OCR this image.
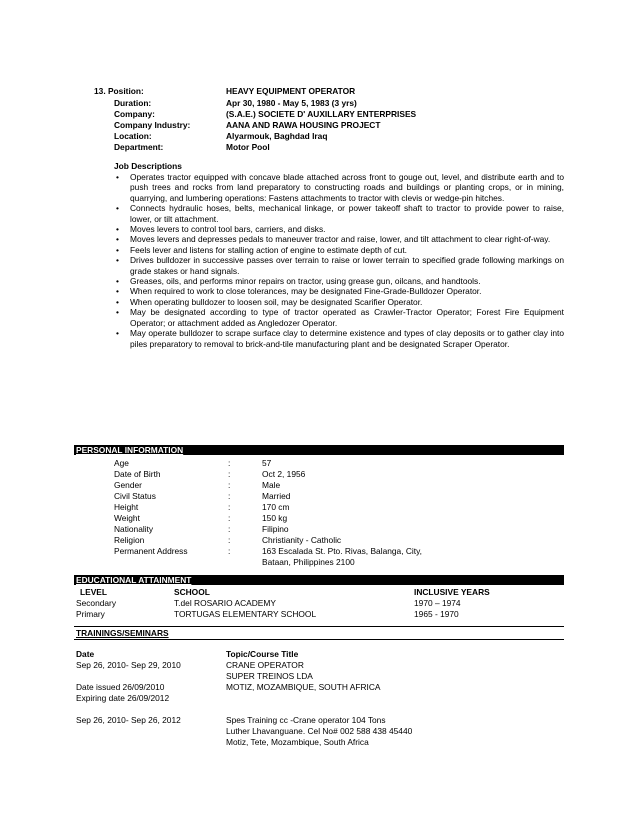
13. Position:	HEAVY EQUIPMENT OPERATOR
Duration:	Apr 30, 1980 - May 5, 1983 (3 yrs)
Company:	(S.A.E.) SOCIETE D' AUXILLARY ENTERPRISES
Company Industry:	AANA AND RAWA HOUSING PROJECT
Location:	Alyarmouk, Baghdad Iraq
Department:	Motor Pool
Job Descriptions

• Operates tractor equipped with concave blade attached across front to gouge out, level, and distribute earth and to push trees and rocks from land preparatory to constructing roads and buildings or planting crops, or in mining, quarrying, and lumbering operations: Fastens attachments to tractor with clevis or wedge-pin hitches.

• Connects hydraulic hoses, belts, mechanical linkage, or power takeoff shaft to tractor to provide power to raise, lower, or tilt attachment.

• Moves levers to control tool bars, carriers, and disks.

• Moves levers and depresses pedals to maneuver tractor and raise, lower, and tilt attachment to clear right-of-way.

• Feels lever and listens for stalling action of engine to estimate depth of cut.

• Drives bulldozer in successive passes over terrain to raise or lower terrain to specified grade following markings on grade stakes or hand signals.

• Greases, oils, and performs minor repairs on tractor, using grease gun, oilcans, and handtools.

• When required to work to close tolerances, may be designated Fine-Grade-Bulldozer Operator.

• When operating bulldozer to loosen soil, may be designated Scarifier Operator.

• May be designated according to type of tractor operated as Crawler-Tractor Operator; Forest Fire Equipment Operator; or attachment added as Angledozer Operator.

• May operate bulldozer to scrape surface clay to determine existence and types of clay deposits or to gather clay into piles preparatory to removal to brick-and-tile manufacturing plant and be designated Scraper Operator.

PERSONAL INFORMATION
Age	:	57
Date of Birth	:	Oct 2, 1956
Gender	:	Male
Civil Status	:	Married
Height	:	170 cm
Weight	:	150 kg
Nationality	:	Filipino
Religion	:	Christianity - Catholic
Permanent Address	:	163 Escalada St. Pto. Rivas, Balanga, City,
Bataan, Philippines 2100
EDUCATIONAL ATTAINMENT
LEVEL	SCHOOL	INCLUSIVE YEARS
Secondary	T.del ROSARIO ACADEMY	1970 – 1974
Primary	TORTUGAS ELEMENTARY SCHOOL	1965 - 1970
TRAININGS/SEMINARS
Date	Topic/Course Title
Sep 26, 2010- Sep 29, 2010	CRANE OPERATOR
SUPER TREINOS LDA
Date issued 26/09/2010	MOTIZ, MOZAMBIQUE, SOUTH AFRICA
Expiring date 26/09/2012
Sep 26, 2010- Sep 26, 2012	Spes Training cc -Crane operator 104 Tons
Luther Lhavanguane. Cel No# 002 588 438 45440
Motiz, Tete, Mozambique, South Africa
